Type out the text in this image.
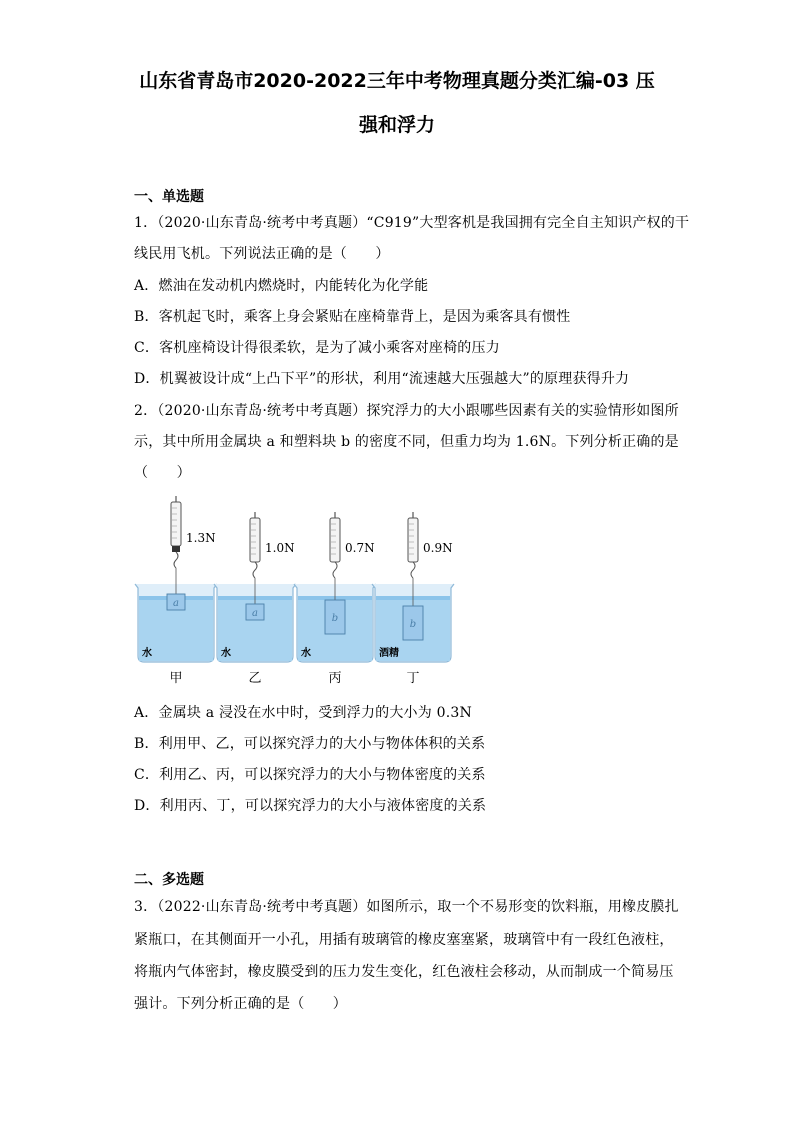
山东省青岛市2020-2022三年中考物理真题分类汇编-03 压
强和浮力
一、单选题
1．（2020·山东青岛·统考中考真题）“C919”大型客机是我国拥有完全自主知识产权的干
线民用飞机。下列说法正确的是（　　）
A．燃油在发动机内燃烧时，内能转化为化学能
B．客机起飞时，乘客上身会紧贴在座椅靠背上，是因为乘客具有惯性
C．客机座椅设计得很柔软，是为了减小乘客对座椅的压力
D．机翼被设计成“上凸下平”的形状，利用“流速越大压强越大”的原理获得升力
2．（2020·山东青岛·统考中考真题）探究浮力的大小跟哪些因素有关的实验情形如图所
示，其中所用金属块 a 和塑料块 b 的密度不同，但重力均为 1.6N。下列分析正确的是
（　　）
a
1.3N
水
甲
a
1.0N
水
乙
b
0.7N
水
丙
b
0.9N
酒精
丁
A．金属块 a 浸没在水中时，受到浮力的大小为 0.3N
B．利用甲、乙，可以探究浮力的大小与物体体积的关系
C．利用乙、丙，可以探究浮力的大小与物体密度的关系
D．利用丙、丁，可以探究浮力的大小与液体密度的关系
二、多选题
3．（2022·山东青岛·统考中考真题）如图所示，取一个不易形变的饮料瓶，用橡皮膜扎
紧瓶口，在其侧面开一小孔，用插有玻璃管的橡皮塞塞紧，玻璃管中有一段红色液柱，
将瓶内气体密封，橡皮膜受到的压力发生变化，红色液柱会移动，从而制成一个简易压
强计。下列分析正确的是（　　）
